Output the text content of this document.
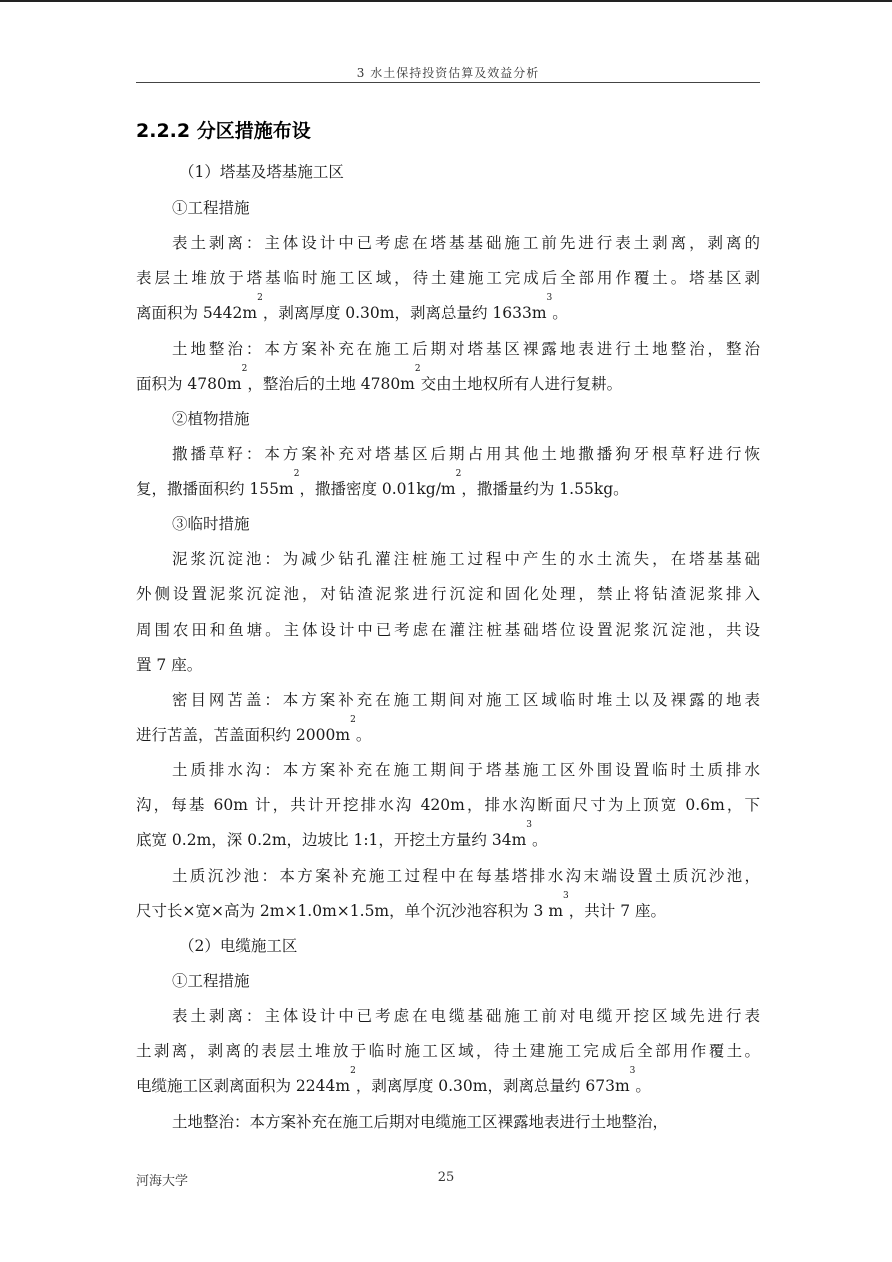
3 水土保持投资估算及效益分析
2.2.2 分区措施布设
（1）塔基及塔基施工区
①工程措施
表土剥离：主体设计中已考虑在塔基基础施工前先进行表土剥离，剥离的
表层土堆放于塔基临时施工区域，待土建施工完成后全部用作覆土。塔基区剥
离面积为 $5442m^2$，剥离厚度 0.30m，剥离总量约 $1633m^3$。
土地整治：本方案补充在施工后期对塔基区裸露地表进行土地整治，整治
面积为 $4780m^2$，整治后的土地 $4780m^2$交由土地权所有人进行复耕。
②植物措施
撒播草籽：本方案补充对塔基区后期占用其他土地撒播狗牙根草籽进行恢
复，撒播面积约 $155m^2$，撒播密度 $0.01kg/m^2$，撒播量约为 1.55kg。
③临时措施
泥浆沉淀池：为减少钻孔灌注桩施工过程中产生的水土流失，在塔基基础
外侧设置泥浆沉淀池，对钻渣泥浆进行沉淀和固化处理，禁止将钻渣泥浆排入
周围农田和鱼塘。主体设计中已考虑在灌注桩基础塔位设置泥浆沉淀池，共设
置 7 座。
密目网苫盖：本方案补充在施工期间对施工区域临时堆土以及裸露的地表
进行苫盖，苫盖面积约 $2000m^2$。
土质排水沟：本方案补充在施工期间于塔基施工区外围设置临时土质排水
沟，每基 60m 计，共计开挖排水沟 420m，排水沟断面尺寸为上顶宽 0.6m，下
底宽 0.2m，深 0.2m，边坡比 1:1，开挖土方量约 $34m^3$。
土质沉沙池：本方案补充施工过程中在每基塔排水沟末端设置土质沉沙池，
尺寸长×宽×高为 2m×1.0m×1.5m，单个沉沙池容积为 3 $m^3$，共计 7 座。
（2）电缆施工区
①工程措施
表土剥离：主体设计中已考虑在电缆基础施工前对电缆开挖区域先进行表
土剥离，剥离的表层土堆放于临时施工区域，待土建施工完成后全部用作覆土。
电缆施工区剥离面积为 $2244m^2$，剥离厚度 0.30m，剥离总量约 $673m^3$。
土地整治：本方案补充在施工后期对电缆施工区裸露地表进行土地整治，
河海大学	25
